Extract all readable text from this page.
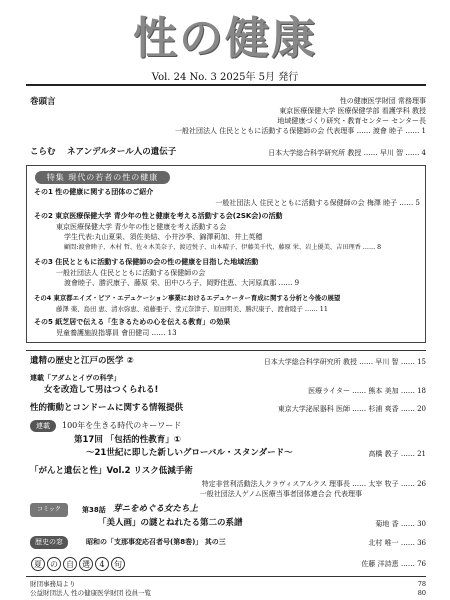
性の健康
Vol. 24 No. 3 2025年 5月 発行
巻頭言	性の健康医学財団 常務理事
東京医療保健大学 医療保健学部 看護学科 教授
地域健康づくり研究・教育センター センター長
一般社団法人 住民とともに活動する保健師の会 代表理事 …… 渡會 睦子 …… 1
こらむ ネアンデルタール人の遺伝子	日本大学総合科学研究所 教授 …… 早川 智 …… 4
特集 現代の若者の性の健康
その1 性の健康に関する団体のご紹介
一般社団法人 住民とともに活動する保健師の会 梅澤 睦子 …… 5
その2 東京医療保健大学 青少年の性と健康を考える活動する会(2SK会)の活動
東京医療保健大学 青少年の性と健康を考え活動する会
学生代表:丸山夏果、須佐美結、小井沙季、錦澤莉加、井上英穂
顧問:渡會睦子、木村 哲、佐々木美奈子、渡辺悦子、山本晴子、伊藤美千代、藤原 栄、岩上優美、吉田理香 …… 8
その3 住民とともに活動する保健師の会の性の健康を目指した地域活動
一般社団法人 住民とともに活動する保健師の会
渡會睦子、勝沢康子、藤原 栄、田中ひろ子、岡野佳恵、大河原真那 …… 9
その4 東京都エイズ・ピア・エデュケーション事業におけるエデュケーター育成に関する分析と今後の展望
藤澤 楽、島田 恵、清水弥恵、遠藤亜子、堂元奈津子、原田明美、勝沢康子、渡會睦子 …… 11
その5 紙芝居で伝える「生きるための心を伝える教育」の効果
児童養護施設指導員 會田健司 …… 13
遺精の歴史と江戸の医学 ②	日本大学総合科学研究所 教授 …… 早川 智 …… 15
連載「アダムとイヴの科学」
女を改造して男はつくられる!	医療ライター …… 熊本 美加 …… 18
性的衝動とコンドームに関する情報提供	東京大学泌尿器科 医師 …… 杉浦 爽香 …… 20
連載	100年を生きる時代のキーワード
第17回 「包括的性教育」①
～21世紀に即した新しいグローバル・スタンダード～	高橋 教子 …… 21
「がんと遺伝と性」Vol.2 リスク低減手術
特定非営利活動法人クラヴィスアルクス 理事長 …… 太宰 牧子 …… 26
一般社団法人ゲノム医療当事者団体連合会 代表理事
コミック	第38話 芽ニをめぐる女たち上
「美人画」の謎とねれたる第二の系譜	菊地 香 …… 30
歴史の窓	昭和の「支那事変応召者号(第8巻)」 其の三	北村 唯一 …… 36
夏	の	自	選	4	句	佐藤 洋詩恵 …… 76
財団事務局より	78
公益財団法人 性の健康医学財団 役員一覧	80
